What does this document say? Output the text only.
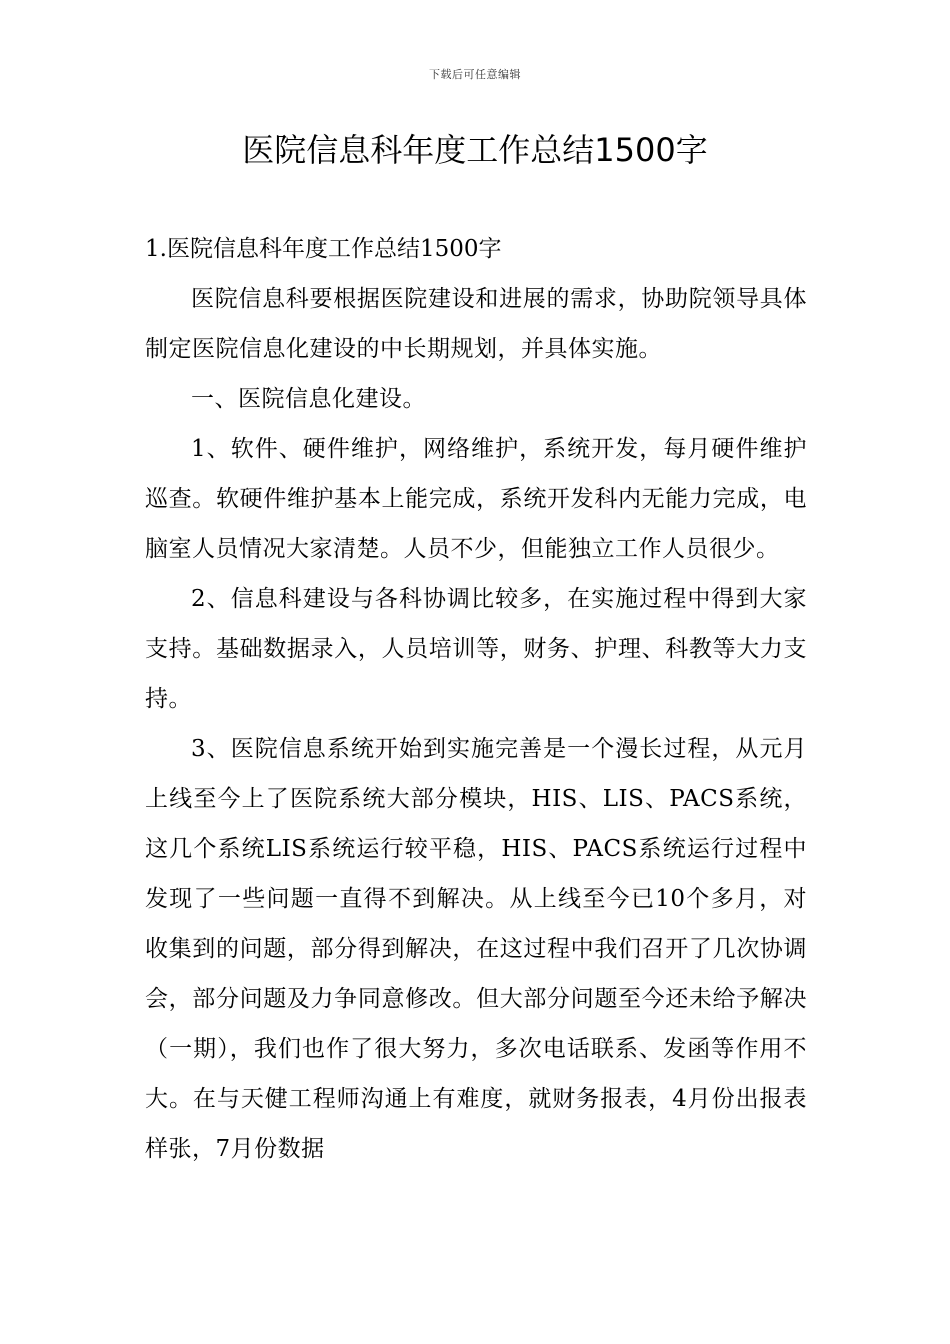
下载后可任意编辑
医院信息科年度工作总结1500字

1.医院信息科年度工作总结1500字

医院信息科要根据医院建设和进展的需求，协助院领导具体制定医院信息化建设的中长期规划，并具体实施。

一、医院信息化建设。

1、软件、硬件维护，网络维护，系统开发，每月硬件维护巡查。软硬件维护基本上能完成，系统开发科内无能力完成，电脑室人员情况大家清楚。人员不少，但能独立工作人员很少。

2、信息科建设与各科协调比较多，在实施过程中得到大家支持。基础数据录入，人员培训等，财务、护理、科教等大力支持。

3、医院信息系统开始到实施完善是一个漫长过程，从元月上线至今上了医院系统大部分模块，HIS、LIS、PACS系统，这几个系统LIS系统运行较平稳，HIS、PACS系统运行过程中发现了一些问题一直得不到解决。从上线至今已10个多月，对收集到的问题，部分得到解决，在这过程中我们召开了几次协调会，部分问题及力争同意修改。但大部分问题至今还未给予解决（一期），我们也作了很大努力，多次电话联系、发函等作用不大。在与天健工程师沟通上有难度，就财务报表，4月份出报表样张，7月份数据
